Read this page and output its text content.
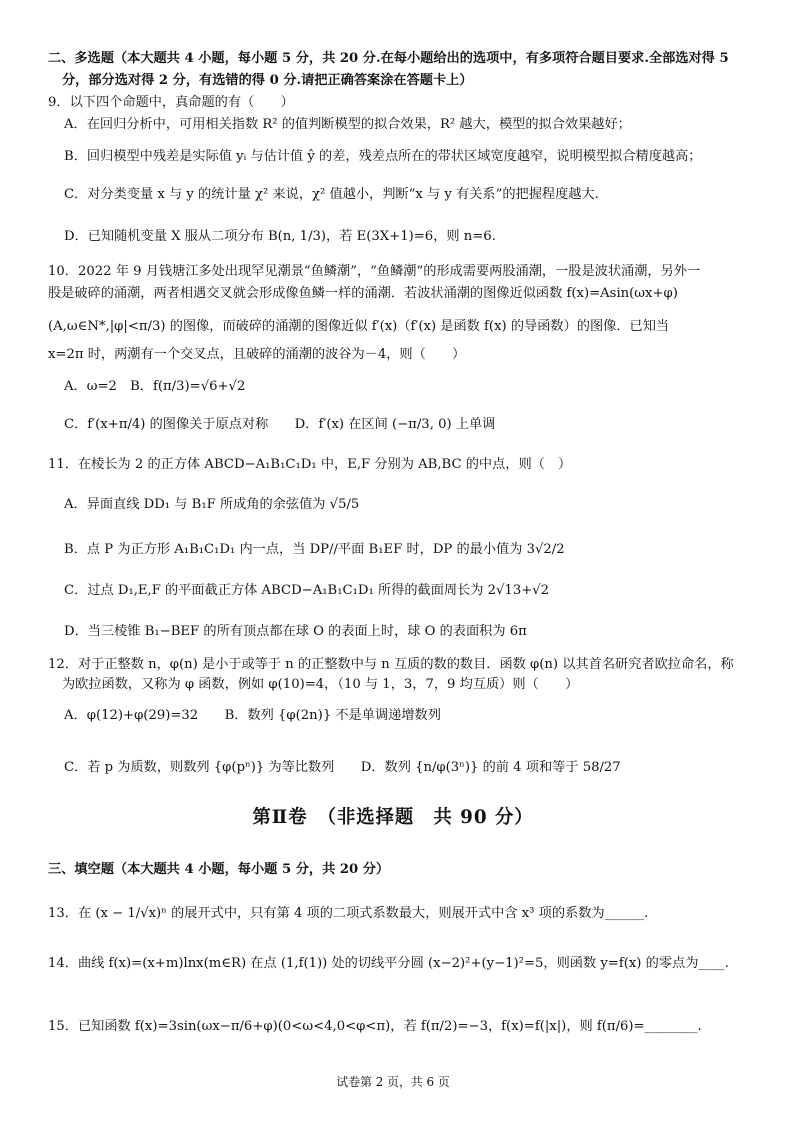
二、多选题（本大题共 4 小题，每小题 5 分，共 20 分.在每小题给出的选项中，有多项符合题目要求.全部选对得 5
分，部分选对得 2 分，有选错的得 0 分.请把正确答案涂在答题卡上）
9．以下四个命题中，真命题的有（　　）
A．在回归分析中，可用相关指数 R² 的值判断模型的拟合效果，R² 越大，模型的拟合效果越好；
B．回归模型中残差是实际值 yᵢ 与估计值 ŷ 的差，残差点所在的带状区域宽度越窄，说明模型拟合精度越高；
C．对分类变量 x 与 y 的统计量 χ² 来说，χ² 值越小，判断“x 与 y 有关系”的把握程度越大.
D．已知随机变量 X 服从二项分布 B(n, 1/3)，若 E(3X+1)=6，则 n=6.
10．2022 年 9 月钱塘江多处出现罕见潮景“鱼鳞潮”，“鱼鳞潮”的形成需要两股涌潮，一股是波状涌潮，另外一
股是破碎的涌潮，两者相遇交叉就会形成像鱼鳞一样的涌潮．若波状涌潮的图像近似函数 f(x)=Asin(ωx+φ)
(A,ω∈N*,|φ|<π/3) 的图像，而破碎的涌潮的图像近似 f′(x)（f′(x) 是函数 f(x) 的导函数）的图像．已知当
x=2π 时，两潮有一个交叉点，且破碎的涌潮的波谷为－4，则（　　）
A．ω=2　B．f(π/3)=√6+√2
C．f′(x+π/4) 的图像关于原点对称　　D．f′(x) 在区间 (−π/3, 0) 上单调
11．在棱长为 2 的正方体 ABCD−A₁B₁C₁D₁ 中，E,F 分别为 AB,BC 的中点，则（　）
A．异面直线 DD₁ 与 B₁F 所成角的余弦值为 √5/5
B．点 P 为正方形 A₁B₁C₁D₁ 内一点，当 DP//平面 B₁EF 时，DP 的最小值为 3√2/2
C．过点 D₁,E,F 的平面截正方体 ABCD−A₁B₁C₁D₁ 所得的截面周长为 2√13+√2
D．当三棱锥 B₁−BEF 的所有顶点都在球 O 的表面上时，球 O 的表面积为 6π
12．对于正整数 n，φ(n) 是小于或等于 n 的正整数中与 n 互质的数的数目．函数 φ(n) 以其首名研究者欧拉命名，称
为欧拉函数，又称为 φ 函数，例如 φ(10)=4，（10 与 1，3，7，9 均互质）则（　　）
A．φ(12)+φ(29)=32　　B．数列 {φ(2n)} 不是单调递增数列
C．若 p 为质数，则数列 {φ(pⁿ)} 为等比数列　　D．数列 {n/φ(3ⁿ)} 的前 4 项和等于 58/27
第Ⅱ卷　（非选择题　共 90 分）
三、填空题（本大题共 4 小题，每小题 5 分，共 20 分）
13．在 (x − 1/√x)ⁿ 的展开式中，只有第 4 项的二项式系数最大，则展开式中含 x³ 项的系数为______.
14．曲线 f(x)=(x+m)lnx(m∈R) 在点 (1,f(1)) 处的切线平分圆 (x−2)²+(y−1)²=5，则函数 y=f(x) 的零点为____.
15．已知函数 f(x)=3sin(ωx−π/6+φ)(0<ω<4,0<φ<π)，若 f(π/2)=−3，f(x)=f(|x|)，则 f(π/6)=________.
试卷第 2 页，共 6 页
